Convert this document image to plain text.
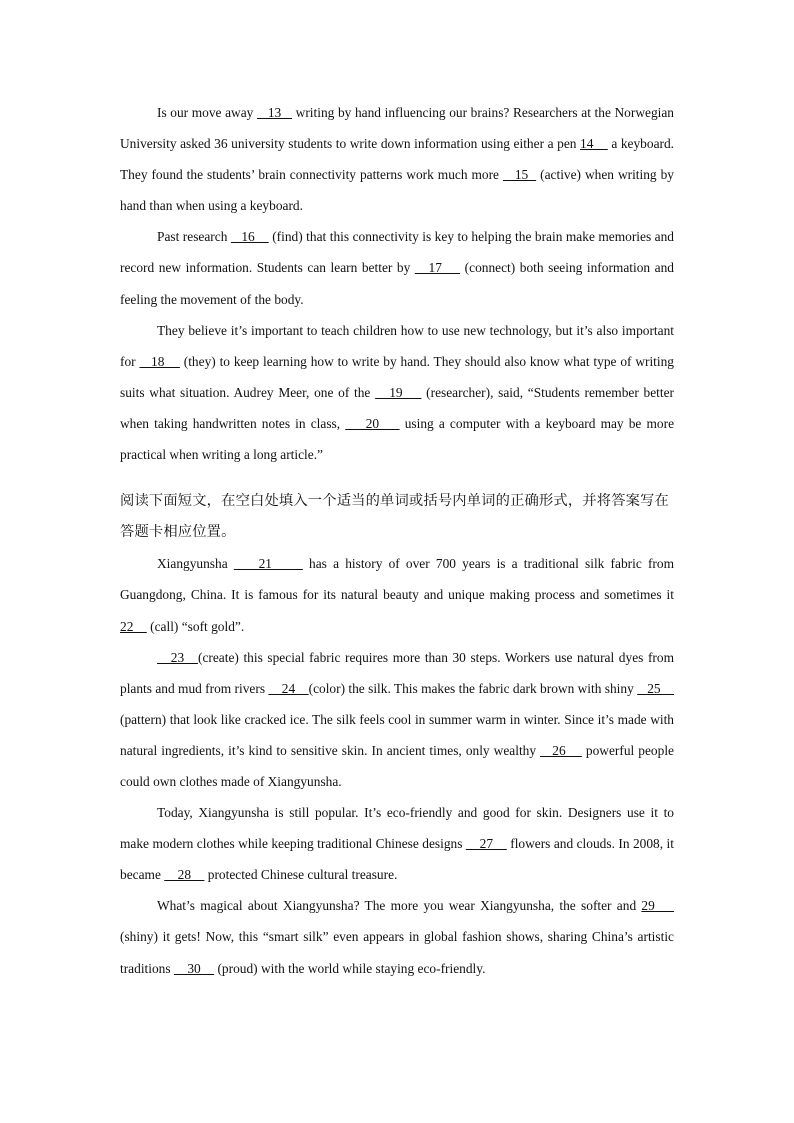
Is our move away    13    writing by hand influencing our brains? Researchers at the Norwegian University asked 36 university students to write down information using either a pen 14     a keyboard. They found the students’ brain connectivity patterns work much more    15   (active) when writing by hand than when using a keyboard.

Past research    16     (find) that this connectivity is key to helping the brain make memories and record new information. Students can learn better by    17     (connect) both seeing information and feeling the movement of the body.

They believe it’s important to teach children how to use new technology, but it’s also important for    18     (they) to keep learning how to write by hand. They should also know what type of writing suits what situation. Audrey Meer, one of the    19     (researcher), said, “Students remember better when taking handwritten notes in class,     20     using a computer with a keyboard may be more practical when writing a long article.”

阅读下面短文，在空白处填入一个适当的单词或括号内单词的正确形式，并将答案写在答题卡相应位置。

Xiangyunsha     21      has a history of over 700 years is a traditional silk fabric from Guangdong, China. It is famous for its natural beauty and unique making process and sometimes it 22     (call) “soft gold”.

23   (create) this special fabric requires more than 30 steps. Workers use natural dyes from plants and mud from rivers     24    (color) the silk. This makes the fabric dark brown with shiny    25     (pattern) that look like cracked ice. The silk feels cool in summer warm in winter. Since it’s made with natural ingredients, it’s kind to sensitive skin. In ancient times, only wealthy    26     powerful people could own clothes made of Xiangyunsha.

Today, Xiangyunsha is still popular. It’s eco-friendly and good for skin. Designers use it to make modern clothes while keeping traditional Chinese designs     27     flowers and clouds. In 2008, it became     28     protected Chinese cultural treasure.

What’s magical about Xiangyunsha? The more you wear Xiangyunsha, the softer and 29     (shiny) it gets! Now, this “smart silk” even appears in global fashion shows, sharing China’s artistic traditions     30     (proud) with the world while staying eco-friendly.
